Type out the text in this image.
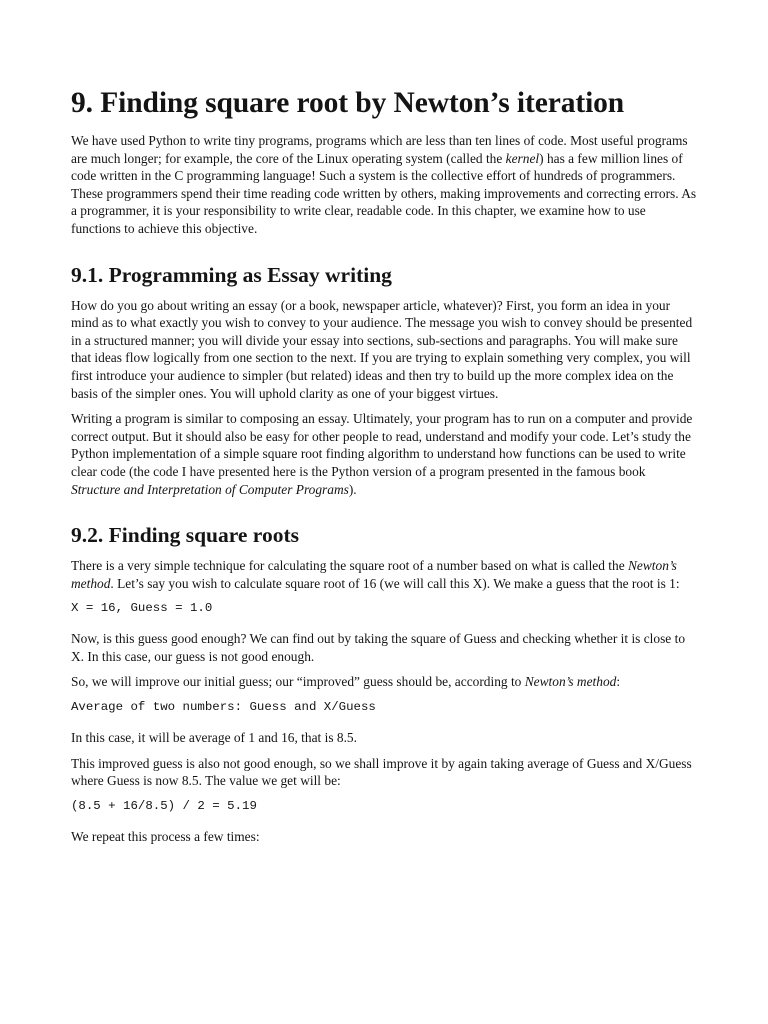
9. Finding square root by Newton’s iteration

We have used Python to write tiny programs, programs which are less than ten lines of code. Most useful programs are much longer; for example, the core of the Linux operating system (called the kernel) has a few million lines of code written in the C programming language! Such a system is the collective effort of hundreds of programmers. These programmers spend their time reading code written by others, making improvements and correcting errors. As a programmer, it is your responsibility to write clear, readable code. In this chapter, we examine how to use functions to achieve this objective.

9.1. Programming as Essay writing

How do you go about writing an essay (or a book, newspaper article, whatever)? First, you form an idea in your mind as to what exactly you wish to convey to your audience. The message you wish to convey should be presented in a structured manner; you will divide your essay into sections, sub-sections and paragraphs. You will make sure that ideas flow logically from one section to the next. If you are trying to explain something very complex, you will first introduce your audience to simpler (but related) ideas and then try to build up the more complex idea on the basis of the simpler ones. You will uphold clarity as one of your biggest virtues.

Writing a program is similar to composing an essay. Ultimately, your program has to run on a computer and provide correct output. But it should also be easy for other people to read, understand and modify your code. Let’s study the Python implementation of a simple square root finding algorithm to understand how functions can be used to write clear code (the code I have presented here is the Python version of a program presented in the famous book Structure and Interpretation of Computer Programs).

9.2. Finding square roots

There is a very simple technique for calculating the square root of a number based on what is called the Newton’s method. Let’s say you wish to calculate square root of 16 (we will call this X). We make a guess that the root is 1:

X = 16, Guess = 1.0

Now, is this guess good enough? We can find out by taking the square of Guess and checking whether it is close to X. In this case, our guess is not good enough.

So, we will improve our initial guess; our “improved” guess should be, according to Newton’s method:

Average of two numbers: Guess and X/Guess

In this case, it will be average of 1 and 16, that is 8.5.

This improved guess is also not good enough, so we shall improve it by again taking average of Guess and X/Guess where Guess is now 8.5. The value we get will be:

(8.5 + 16/8.5) / 2 = 5.19

We repeat this process a few times:
